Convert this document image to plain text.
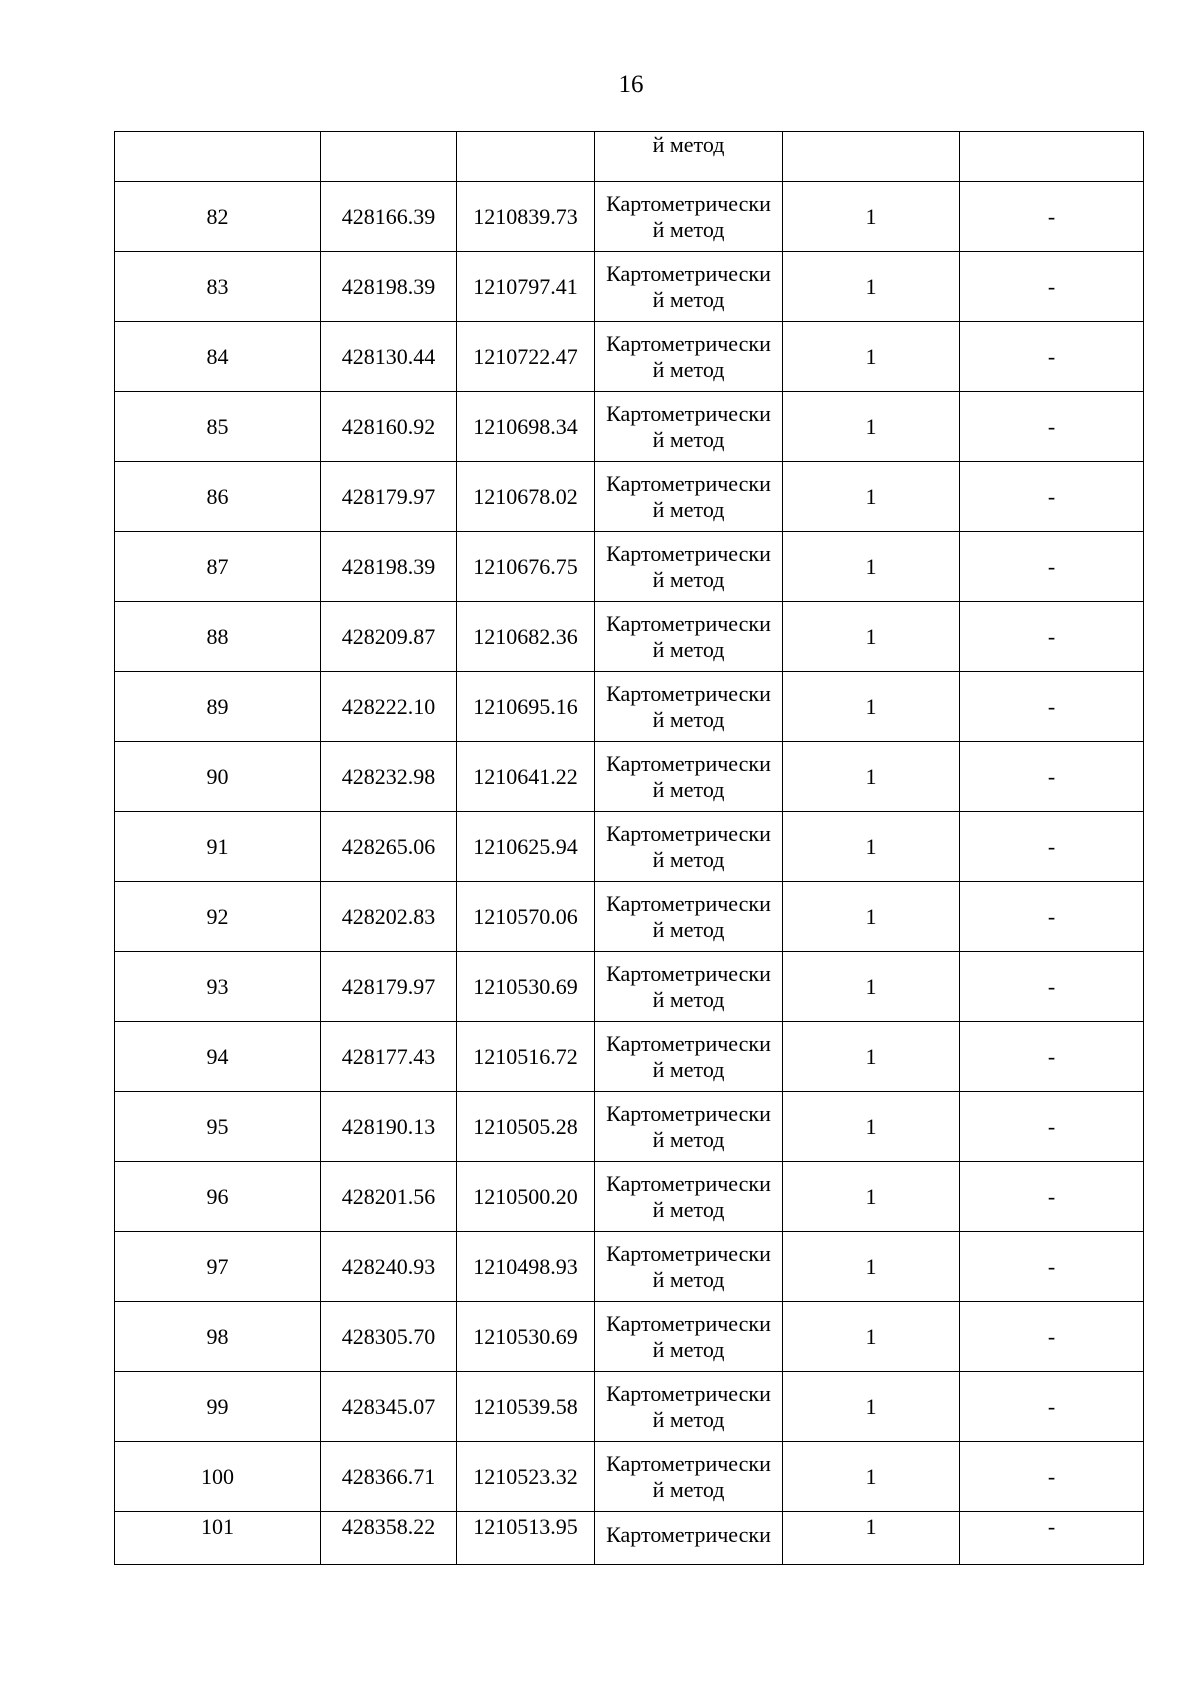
16

			й метод		

82	428166.39	1210839.73	Картометрически
й метод	1	-
83	428198.39	1210797.41	Картометрически
й метод	1	-
84	428130.44	1210722.47	Картометрически
й метод	1	-
85	428160.92	1210698.34	Картометрически
й метод	1	-
86	428179.97	1210678.02	Картометрически
й метод	1	-
87	428198.39	1210676.75	Картометрически
й метод	1	-
88	428209.87	1210682.36	Картометрически
й метод	1	-
89	428222.10	1210695.16	Картометрически
й метод	1	-
90	428232.98	1210641.22	Картометрически
й метод	1	-
91	428265.06	1210625.94	Картометрически
й метод	1	-
92	428202.83	1210570.06	Картометрически
й метод	1	-
93	428179.97	1210530.69	Картометрически
й метод	1	-
94	428177.43	1210516.72	Картометрически
й метод	1	-
95	428190.13	1210505.28	Картометрически
й метод	1	-
96	428201.56	1210500.20	Картометрически
й метод	1	-
97	428240.93	1210498.93	Картометрически
й метод	1	-
98	428305.70	1210530.69	Картометрически
й метод	1	-
99	428345.07	1210539.58	Картометрически
й метод	1	-
100	428366.71	1210523.32	Картометрически
й метод	1	-
101	428358.22	1210513.95	Картометрически	1	-
